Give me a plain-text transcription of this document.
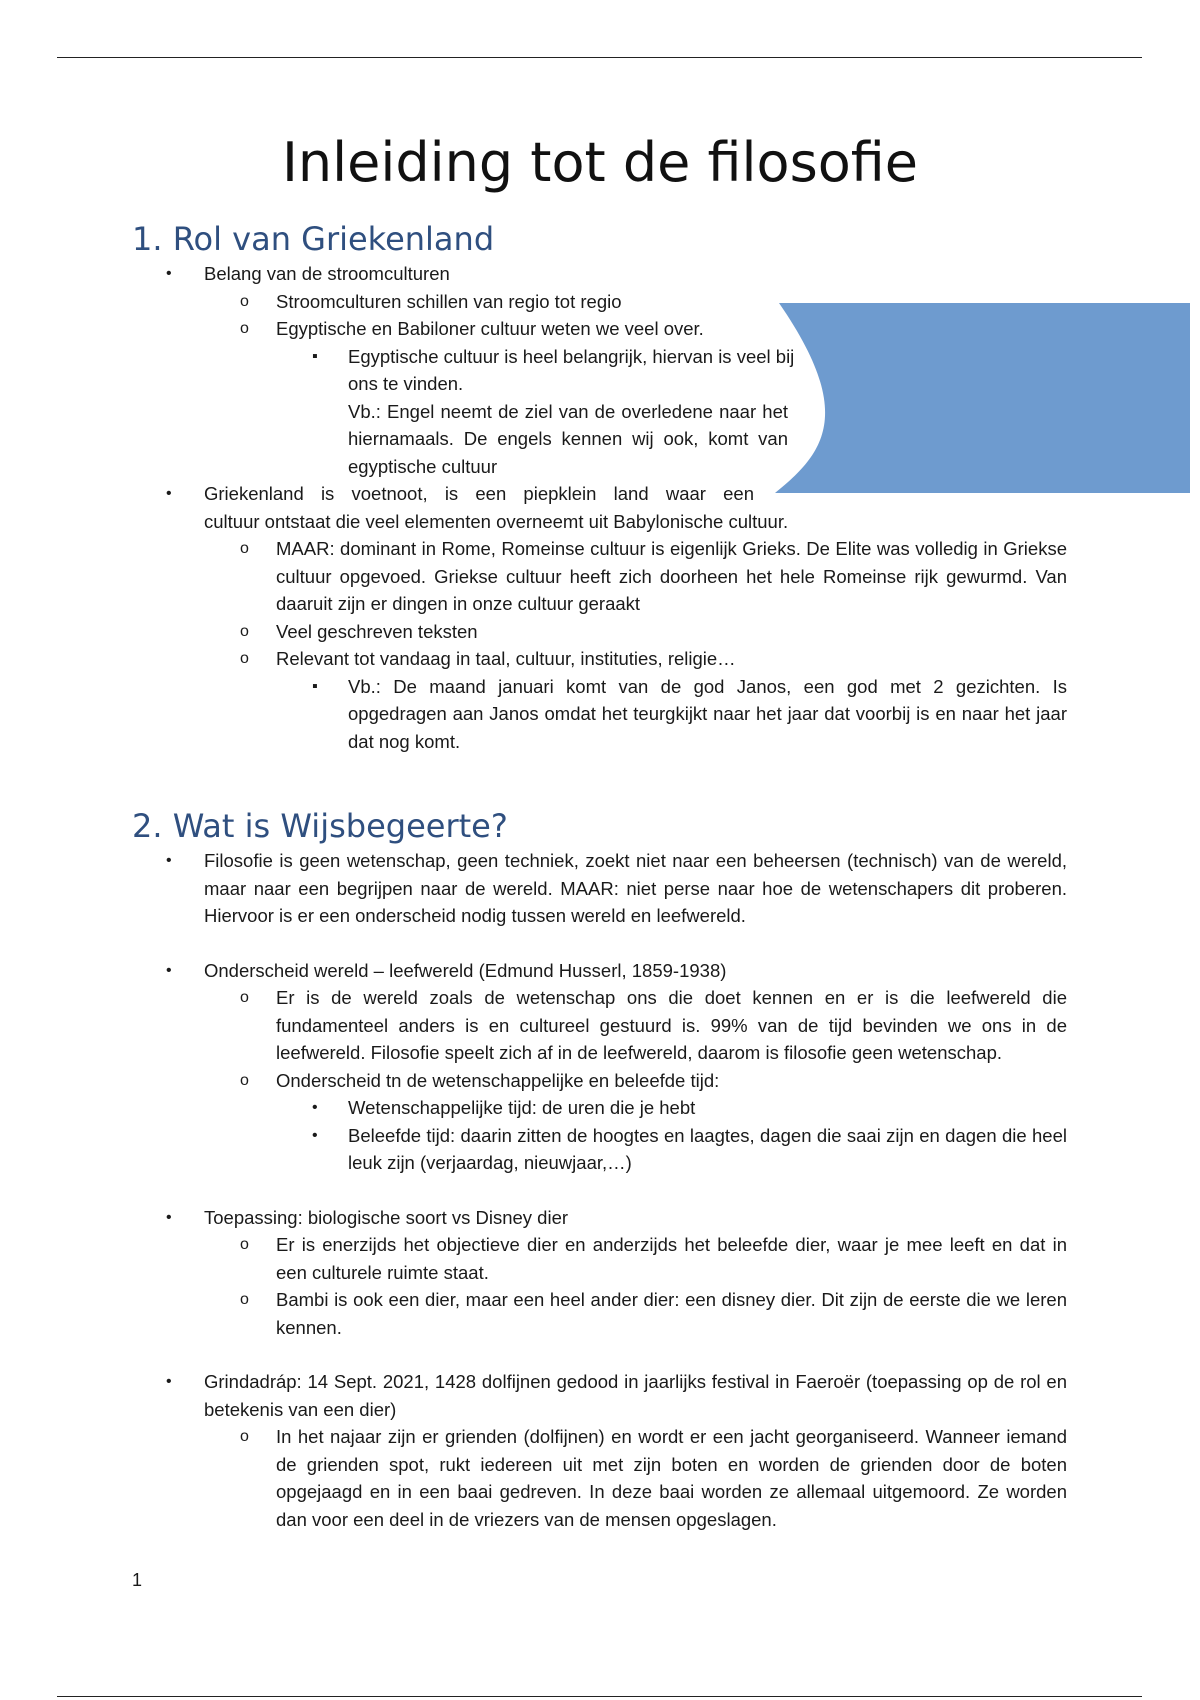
Inleiding tot de filosofie
1. Rol van Griekenland
• Belang van de stroomculturen
o Stroomculturen schillen van regio tot regio
o Egyptische en Babiloner cultuur weten we veel over.
▪ Egyptische cultuur is heel belangrijk, hiervan is veel bij ons te vinden.

Vb.: Engel neemt de ziel van de overledene naar het hiernamaals. De engels kennen wij ook, komt van egyptische cultuur

• Griekenland is voetnoot, is een piepklein land waar een

cultuur ontstaat die veel elementen overneemt uit Babylonische cultuur.

o MAAR: dominant in Rome, Romeinse cultuur is eigenlijk Grieks. De Elite was volledig in Griekse cultuur opgevoed. Griekse cultuur heeft zich doorheen het hele Romeinse rijk gewurmd. Van daaruit zijn er dingen in onze cultuur geraakt

o Veel geschreven teksten
o Relevant tot vandaag in taal, cultuur, instituties, religie…
▪ Vb.: De maand januari komt van de god Janos, een god met 2 gezichten. Is opgedragen aan Janos omdat het teurgkijkt naar het jaar dat voorbij is en naar het jaar dat nog komt.

2. Wat is Wijsbegeerte?
• Filosofie is geen wetenschap, geen techniek, zoekt niet naar een beheersen (technisch) van de wereld, maar naar een begrijpen naar de wereld. MAAR: niet perse naar hoe de wetenschapers dit proberen. Hiervoor is er een onderscheid nodig tussen wereld en leefwereld.

• Onderscheid wereld – leefwereld (Edmund Husserl, 1859-1938)
o Er is de wereld zoals de wetenschap ons die doet kennen en er is die leefwereld die fundamenteel anders is en cultureel gestuurd is. 99% van de tijd bevinden we ons in de leefwereld. Filosofie speelt zich af in de leefwereld, daarom is filosofie geen wetenschap.

o Onderscheid tn de wetenschappelijke en beleefde tijd:
• Wetenschappelijke tijd: de uren die je hebt
• Beleefde tijd: daarin zitten de hoogtes en laagtes, dagen die saai zijn en dagen die heel leuk zijn (verjaardag, nieuwjaar,…)

• Toepassing: biologische soort vs Disney dier
o Er is enerzijds het objectieve dier en anderzijds het beleefde dier, waar je mee leeft en dat in een culturele ruimte staat.

o Bambi is ook een dier, maar een heel ander dier: een disney dier. Dit zijn de eerste die we leren kennen.

• Grindadráp: 14 Sept. 2021, 1428 dolfijnen gedood in jaarlijks festival in Faeroër (toepassing op de rol en betekenis van een dier)

o In het najaar zijn er grienden (dolfijnen) en wordt er een jacht georganiseerd. Wanneer iemand de grienden spot, rukt iedereen uit met zijn boten en worden de grienden door de boten opgejaagd en in een baai gedreven. In deze baai worden ze allemaal uitgemoord. Ze worden dan voor een deel in de vriezers van de mensen opgeslagen.

1
